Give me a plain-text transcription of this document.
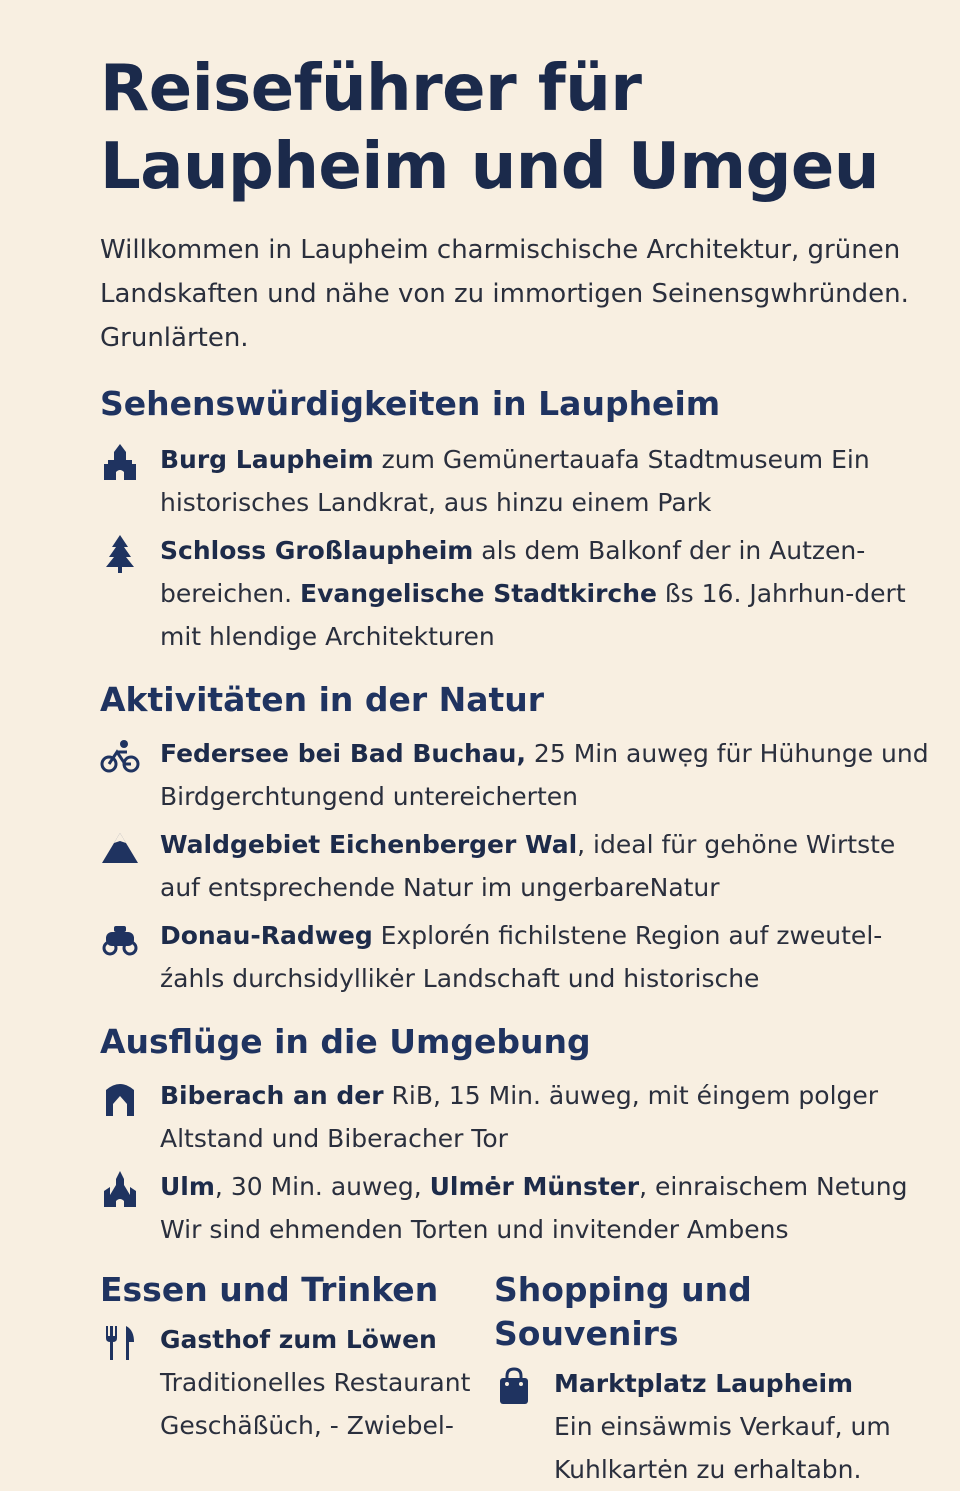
Reiseführer für Laupheim und Umgeu

Willkommen in Laupheim charmischische Architektur, grünen Landskaften und nähe von zu immortigen Seinensgwhründen. Grunlärten.

Sehenswürdigkeiten in Laupheim
Burg Laupheim zum Gemünertauafa Stadtmuseum Ein historisches Landkrat, aus hinzu einem Park
Schloss Großlaupheim als dem Balkonf der in Autzen-bereichen. Evangelische Stadtkirche ßs 16. Jahrhun-dert mit hlendige Architekturen
Aktivitäten in der Natur
Federsee bei Bad Buchau, 25 Min auwẹg für Hühunge und Birdgerchtungend untereicherten
Waldgebiet Eichenberger Wal, ideal für gehöne Wirtste auf entsprechende Natur im ungerbareNatur
Donau-Radweg Explorén fichilstene Region auf zweutel-źahls durchsidyllikėr Landschaft und historische
Ausflüge in die Umgebung
Biberach an der RiB, 15 Min. äuweg, mit éingem polger Altstand und Biberacher Tor
Ulm, 30 Min. auweg, Ulmėr Münster, einraischem Netung Wir sind ehmenden Torten und invitender Ambens
Essen und Trinken
Gasthof zum Löwen
Traditionelles Restaurant Geschäßüch, - Zwiebel-
Shopping und Souvenirs
Marktplatz Laupheim
Ein einsäwmis Verkauf, um Kuhlkartėn zu erhaltabn.
